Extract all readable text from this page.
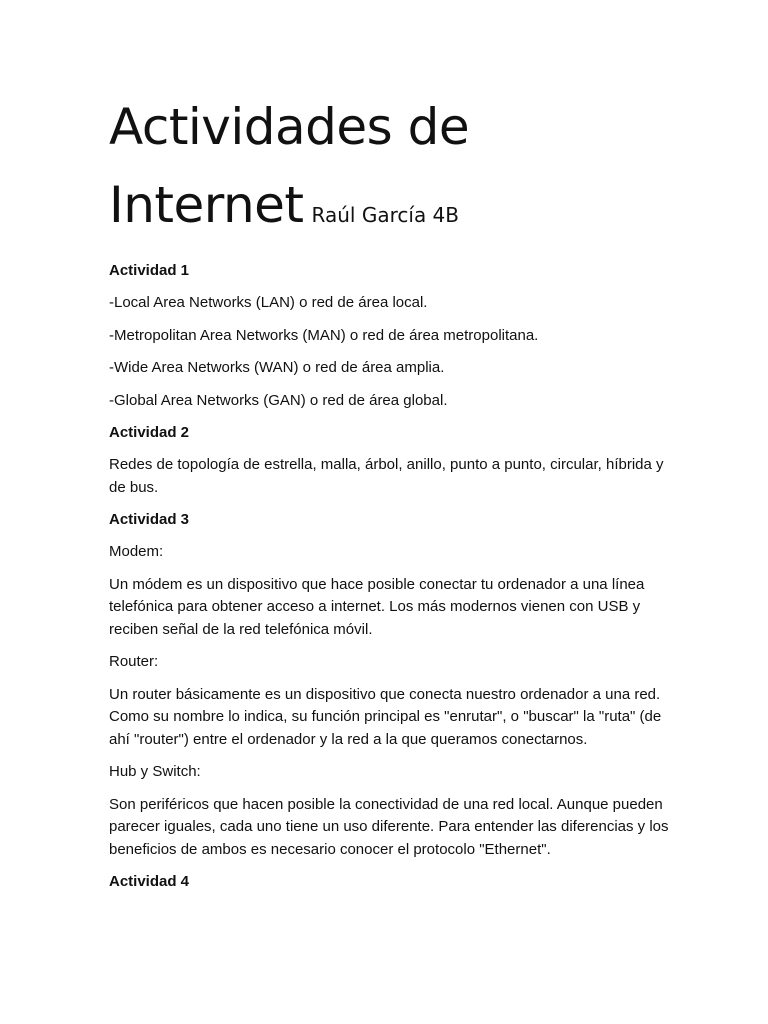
Actividades de
Internet Raúl García 4B
Actividad 1
-Local Area Networks (LAN) o red de área local.
-Metropolitan Area Networks (MAN) o red de área metropolitana.
-Wide Area Networks (WAN) o red de área amplia.
-Global Area Networks (GAN) o red de área global.
Actividad 2
Redes de topología de estrella, malla, árbol, anillo, punto a punto, circular, híbrida y de bus.
Actividad 3
Modem:
Un módem es un dispositivo que hace posible conectar tu ordenador a una línea telefónica para obtener acceso a internet. Los más modernos vienen con USB y reciben señal de la red telefónica móvil.
Router:
Un router básicamente es un dispositivo que conecta nuestro ordenador a una red. Como su nombre lo indica, su función principal es "enrutar", o "buscar" la "ruta" (de ahí "router") entre el ordenador y la red a la que queramos conectarnos.
Hub y Switch:
Son periféricos que hacen posible la conectividad de una red local. Aunque pueden parecer iguales, cada uno tiene un uso diferente. Para entender las diferencias y los beneficios de ambos es necesario conocer el protocolo "Ethernet".
Actividad 4
